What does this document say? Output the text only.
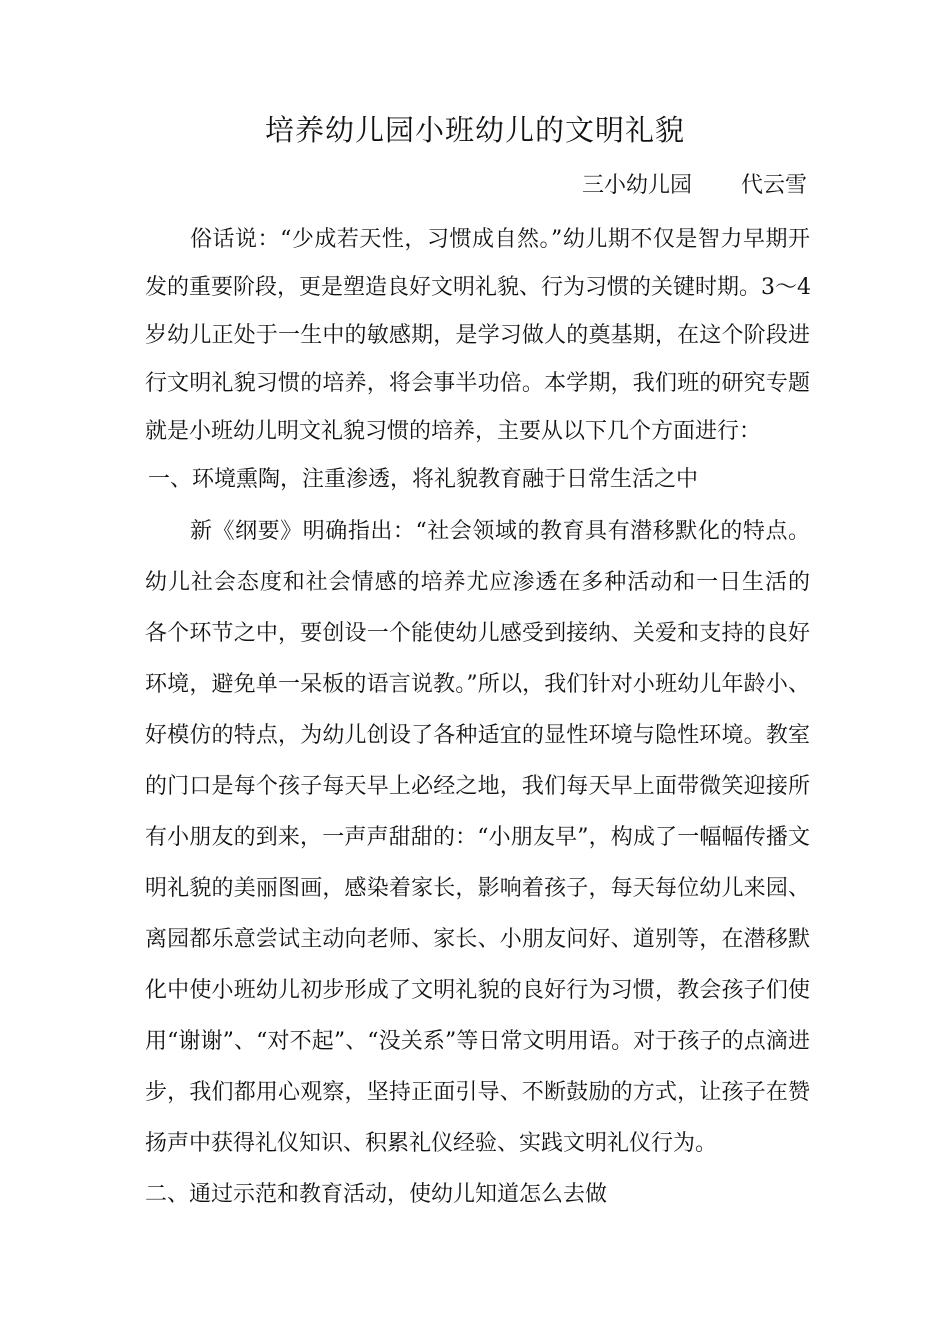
培养幼儿园小班幼儿的文明礼貌
三小幼儿园       代云雪
俗话说：“少成若天性，习惯成自然。”幼儿期不仅是智力早期开
发的重要阶段，更是塑造良好文明礼貌、行为习惯的关键时期。3～4
岁幼儿正处于一生中的敏感期，是学习做人的奠基期，在这个阶段进
行文明礼貌习惯的培养，将会事半功倍。本学期，我们班的研究专题
就是小班幼儿明文礼貌习惯的培养，主要从以下几个方面进行：
一、环境熏陶，注重渗透，将礼貌教育融于日常生活之中
新《纲要》明确指出：“社会领域的教育具有潜移默化的特点。
幼儿社会态度和社会情感的培养尤应渗透在多种活动和一日生活的
各个环节之中，要创设一个能使幼儿感受到接纳、关爱和支持的良好
环境，避免单一呆板的语言说教。”所以，我们针对小班幼儿年龄小、
好模仿的特点，为幼儿创设了各种适宜的显性环境与隐性环境。教室
的门口是每个孩子每天早上必经之地，我们每天早上面带微笑迎接所
有小朋友的到来，一声声甜甜的：“小朋友早”，构成了一幅幅传播文
明礼貌的美丽图画，感染着家长，影响着孩子，每天每位幼儿来园、
离园都乐意尝试主动向老师、家长、小朋友问好、道别等，在潜移默
化中使小班幼儿初步形成了文明礼貌的良好行为习惯，教会孩子们使
用“谢谢”、“对不起”、“没关系”等日常文明用语。对于孩子的点滴进
步，我们都用心观察，坚持正面引导、不断鼓励的方式，让孩子在赞
扬声中获得礼仪知识、积累礼仪经验、实践文明礼仪行为。
二、通过示范和教育活动，使幼儿知道怎么去做
